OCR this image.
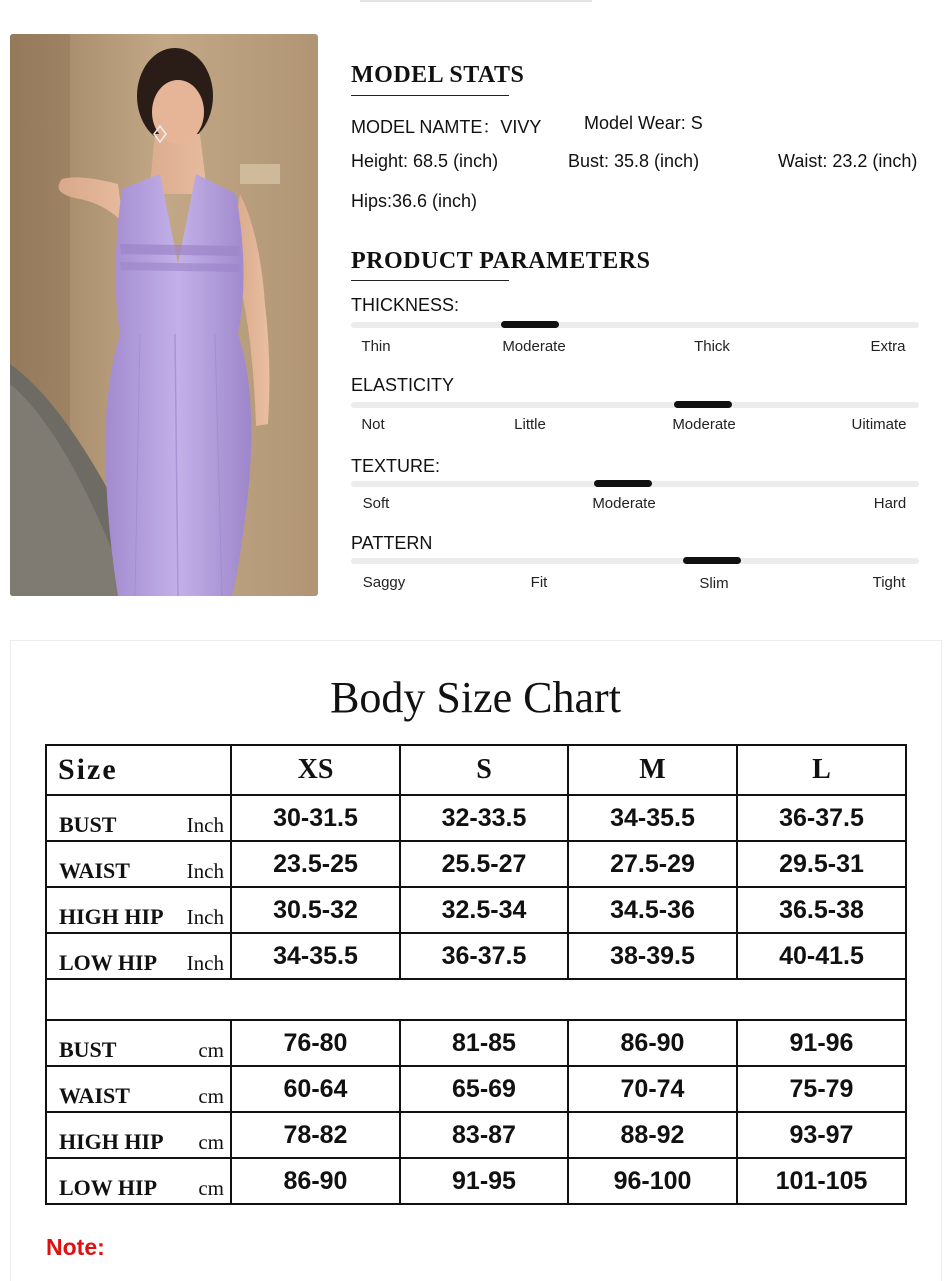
MODEL STATS
MODEL NAMTE：VIVY Model Wear: S
Height: 68.5 (inch)	Bust: 35.8 (inch)	Waist: 23.2 (inch)
Hips:36.6 (inch)
PRODUCT PARAMETERS
THICKNESS:
Thin	Moderate	Thick	Extra
ELASTICITY
Not	Little	Moderate	Uitimate
TEXTURE:
Soft	Moderate	Hard
PATTERN
Saggy	Fit	Slim	Tight
Body Size Chart
Size	XS	S	M	L

BUST Inch	30-31.5	32-33.5	34-35.5	36-37.5

WAIST Inch	23.5-25	25.5-27	27.5-29	29.5-31

HIGH HIP Inch	30.5-32	32.5-34	34.5-36	36.5-38

LOW HIP Inch	34-35.5	36-37.5	38-39.5	40-41.5

BUST cm	76-80	81-85	86-90	91-96

WAIST cm	60-64	65-69	70-74	75-79

HIGH HIP cm	78-82	83-87	88-92	93-97

LOW HIP cm	86-90	91-95	96-100	101-105
Note:
